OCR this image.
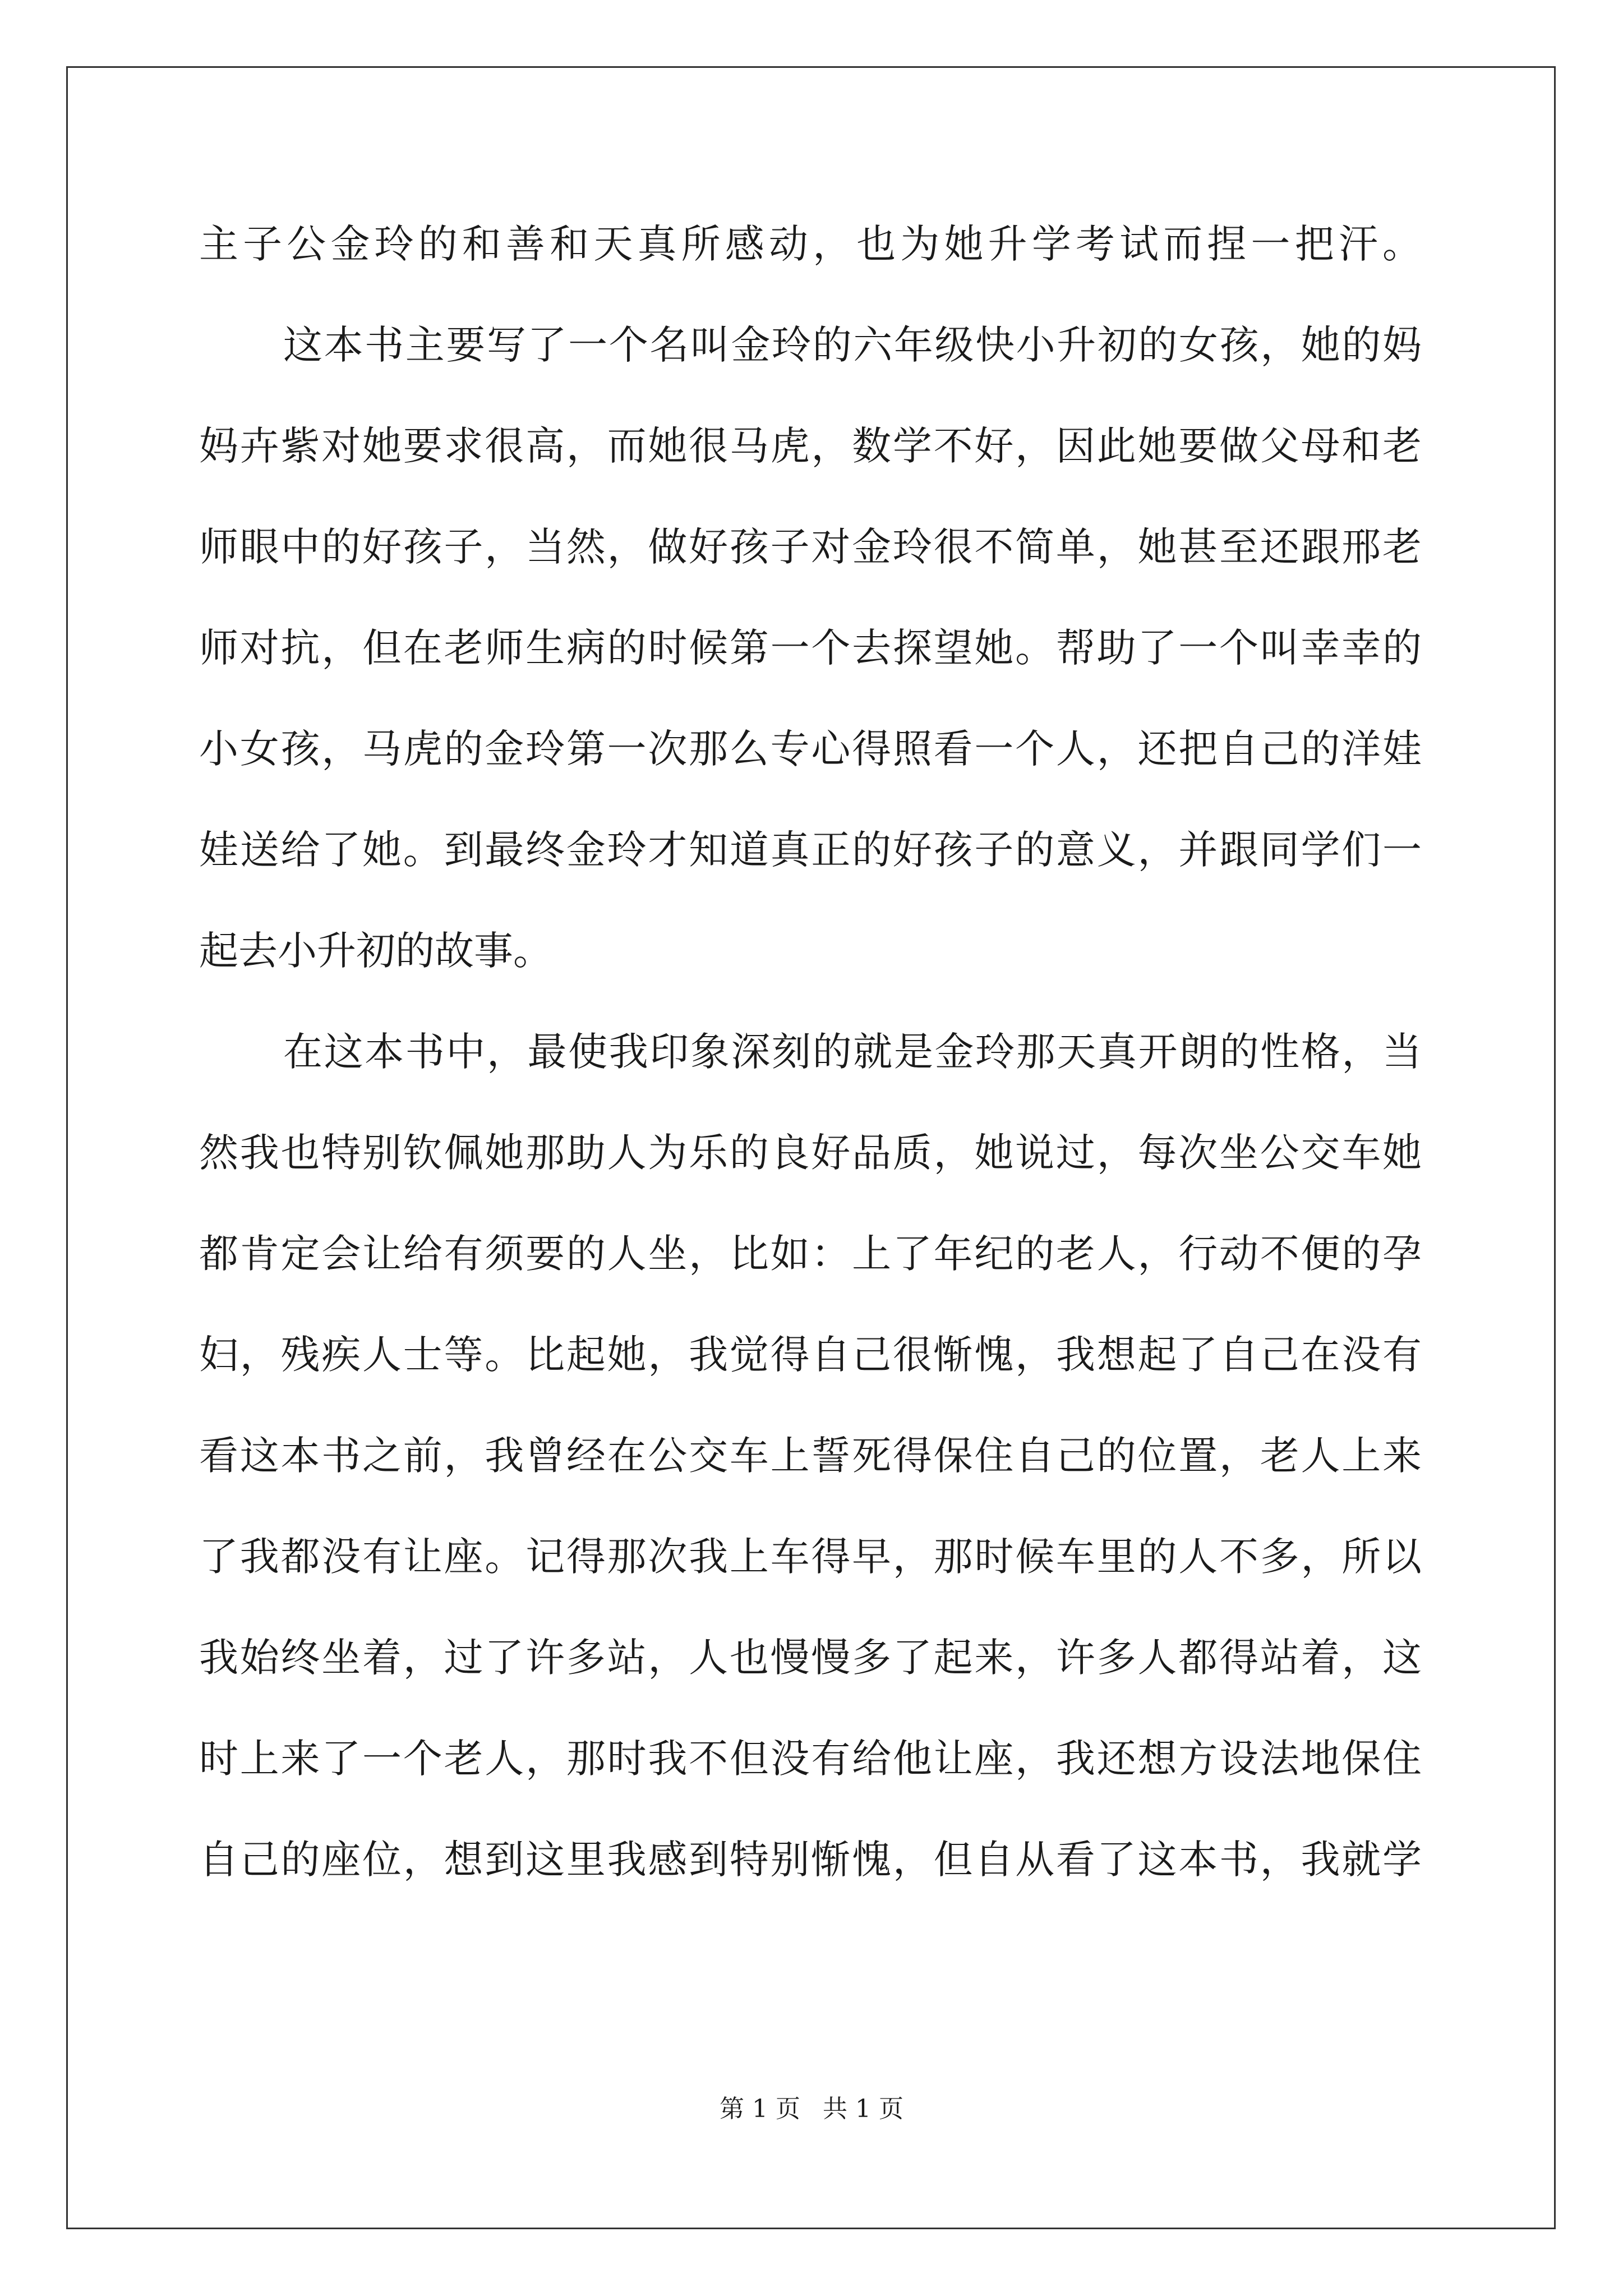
主子公金玲的和善和天真所感动，也为她升学考试而捏一把汗。
这本书主要写了一个名叫金玲的六年级快小升初的女孩，她的妈
妈卉紫对她要求很高，而她很马虎，数学不好，因此她要做父母和老
师眼中的好孩子，当然，做好孩子对金玲很不简单，她甚至还跟邢老
师对抗，但在老师生病的时候第一个去探望她。帮助了一个叫幸幸的
小女孩，马虎的金玲第一次那么专心得照看一个人，还把自己的洋娃
娃送给了她。到最终金玲才知道真正的好孩子的意义，并跟同学们一
起去小升初的故事。
在这本书中，最使我印象深刻的就是金玲那天真开朗的性格，当
然我也特别钦佩她那助人为乐的良好品质，她说过，每次坐公交车她
都肯定会让给有须要的人坐，比如：上了年纪的老人，行动不便的孕
妇，残疾人士等。比起她，我觉得自己很惭愧，我想起了自己在没有
看这本书之前，我曾经在公交车上誓死得保住自己的位置，老人上来
了我都没有让座。记得那次我上车得早，那时候车里的人不多，所以
我始终坐着，过了许多站，人也慢慢多了起来，许多人都得站着，这
时上来了一个老人，那时我不但没有给他让座，我还想方设法地保住
自己的座位，想到这里我感到特别惭愧，但自从看了这本书，我就学
第 1 页 共 1 页
